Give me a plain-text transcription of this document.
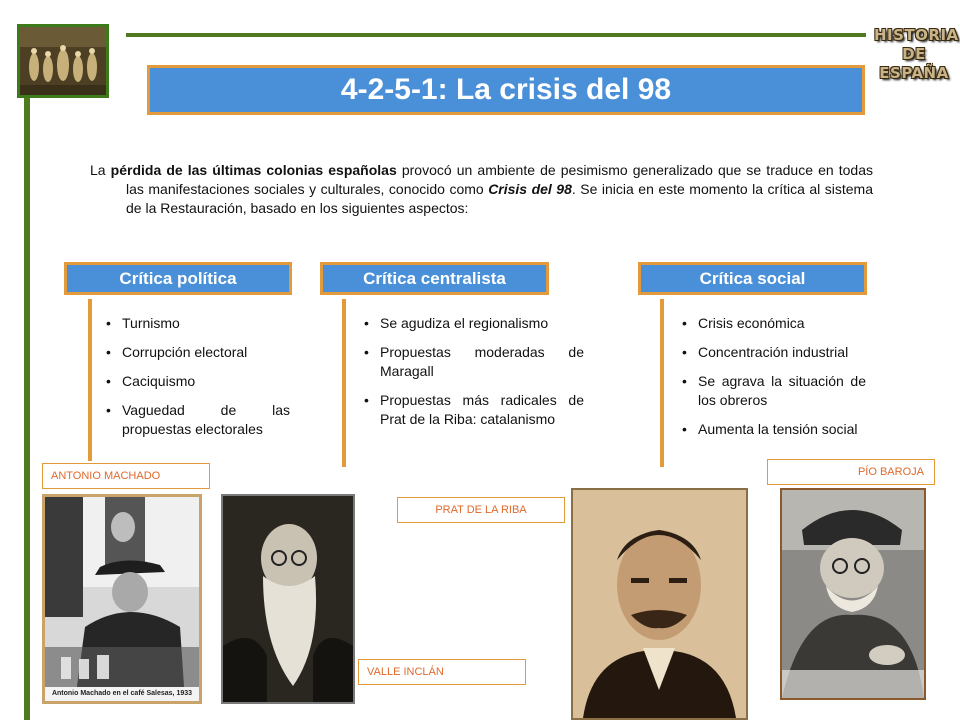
HISTORIA
DE
ESPAÑA
4-2-5-1: La crisis del 98
La pérdida de las últimas colonias españolas provocó un ambiente de pesimismo generalizado que se traduce en todas las manifestaciones sociales y culturales, conocido como Crisis del 98. Se inicia en este momento la crítica al sistema de la Restauración, basado en los siguientes aspectos:
Crítica política	Crítica centralista	Crítica social
• Turnismo
• Corrupción electoral
• Caciquismo
• Vaguedad de las propuestas electorales
• Se agudiza el regionalismo
• Propuestas moderadas de Maragall
• Propuestas más radicales de Prat de la Riba: catalanismo
• Crisis económica
• Concentración industrial
• Se agrava la situación de los obreros
• Aumenta la tensión social
ANTONIO MACHADO
VALLE INCLÁN
PRAT DE LA RIBA
PÍO BAROJA
Antonio Machado en el café Salesas, 1933
